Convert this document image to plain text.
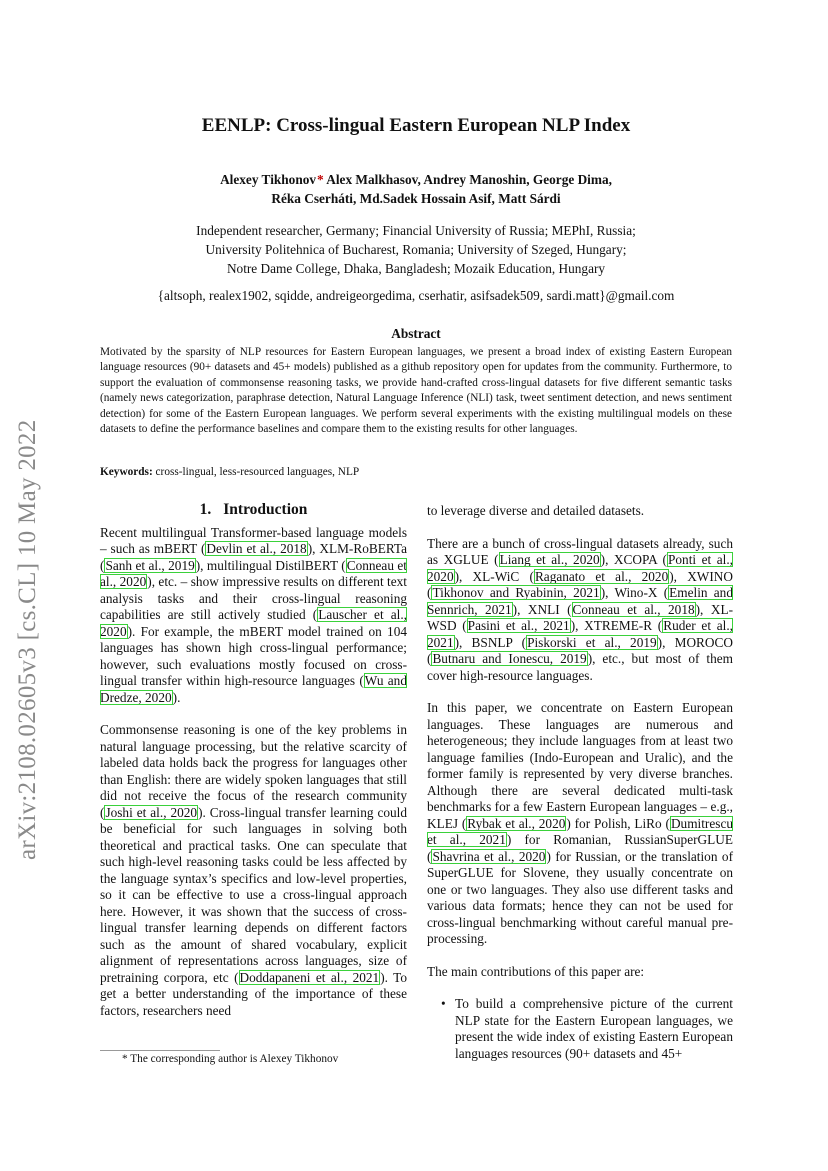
arXiv:2108.02605v3 [cs.CL] 10 May 2022
EENLP: Cross-lingual Eastern European NLP Index
Alexey Tikhonov* Alex Malkhasov, Andrey Manoshin, George Dima,
Réka Cserháti, Md.Sadek Hossain Asif, Matt Sárdi
Independent researcher, Germany; Financial University of Russia; MEPhI, Russia;
University Politehnica of Bucharest, Romania; University of Szeged, Hungary;
Notre Dame College, Dhaka, Bangladesh; Mozaik Education, Hungary
{altsoph, realex1902, sqidde, andreigeorgedima, cserhatir, asifsadek509, sardi.matt}@gmail.com
Abstract
Motivated by the sparsity of NLP resources for Eastern European languages, we present a broad index of existing Eastern European language resources (90+ datasets and 45+ models) published as a github repository open for updates from the community. Furthermore, to support the evaluation of commonsense reasoning tasks, we provide hand-crafted cross-lingual datasets for five different semantic tasks (namely news categorization, paraphrase detection, Natural Language Inference (NLI) task, tweet sentiment detection, and news sentiment detection) for some of the Eastern European languages. We perform several experiments with the existing multilingual models on these datasets to define the performance baselines and compare them to the existing results for other languages.
Keywords: cross-lingual, less-resourced languages, NLP
1. Introduction

Recent multilingual Transformer-based language models – such as mBERT (Devlin et al., 2018), XLM-RoBERTa (Sanh et al., 2019), multilingual DistilBERT (Conneau et al., 2020), etc. – show impressive results on different text analysis tasks and their cross-lingual reasoning capabilities are still actively studied (Lauscher et al., 2020). For example, the mBERT model trained on 104 languages has shown high cross-lingual performance; however, such evaluations mostly focused on cross-lingual transfer within high-resource languages (Wu and Dredze, 2020).

Commonsense reasoning is one of the key problems in natural language processing, but the relative scarcity of labeled data holds back the progress for languages other than English: there are widely spoken languages that still did not receive the focus of the research community (Joshi et al., 2020). Cross-lingual transfer learning could be beneficial for such languages in solving both theoretical and practical tasks. One can speculate that such high-level reasoning tasks could be less affected by the language syntax’s specifics and low-level properties, so it can be effective to use a cross-lingual approach here. However, it was shown that the success of cross-lingual transfer learning depends on different factors such as the amount of shared vocabulary, explicit alignment of representations across languages, size of pretraining corpora, etc (Doddapaneni et al., 2021). To get a better understanding of the importance of these factors, researchers need

to leverage diverse and detailed datasets.

There are a bunch of cross-lingual datasets already, such as XGLUE (Liang et al., 2020), XCOPA (Ponti et al., 2020), XL-WiC (Raganato et al., 2020), XWINO (Tikhonov and Ryabinin, 2021), Wino-X (Emelin and Sennrich, 2021), XNLI (Conneau et al., 2018), XL-WSD (Pasini et al., 2021), XTREME-R (Ruder et al., 2021), BSNLP (Piskorski et al., 2019), MOROCO (Butnaru and Ionescu, 2019), etc., but most of them cover high-resource languages.

In this paper, we concentrate on Eastern European languages. These languages are numerous and heterogeneous; they include languages from at least two language families (Indo-European and Uralic), and the former family is represented by very diverse branches. Although there are several dedicated multi-task benchmarks for a few Eastern European languages – e.g., KLEJ (Rybak et al., 2020) for Polish, LiRo (Dumitrescu et al., 2021) for Romanian, RussianSuperGLUE (Shavrina et al., 2020) for Russian, or the translation of SuperGLUE for Slovene, they usually concentrate on one or two languages. They also use different tasks and various data formats; hence they can not be used for cross-lingual benchmarking without careful manual pre-processing.

The main contributions of this paper are:

• To build a comprehensive picture of the current NLP state for the Eastern European languages, we present the wide index of existing Eastern European languages resources (90+ datasets and 45+
* The corresponding author is Alexey Tikhonov
